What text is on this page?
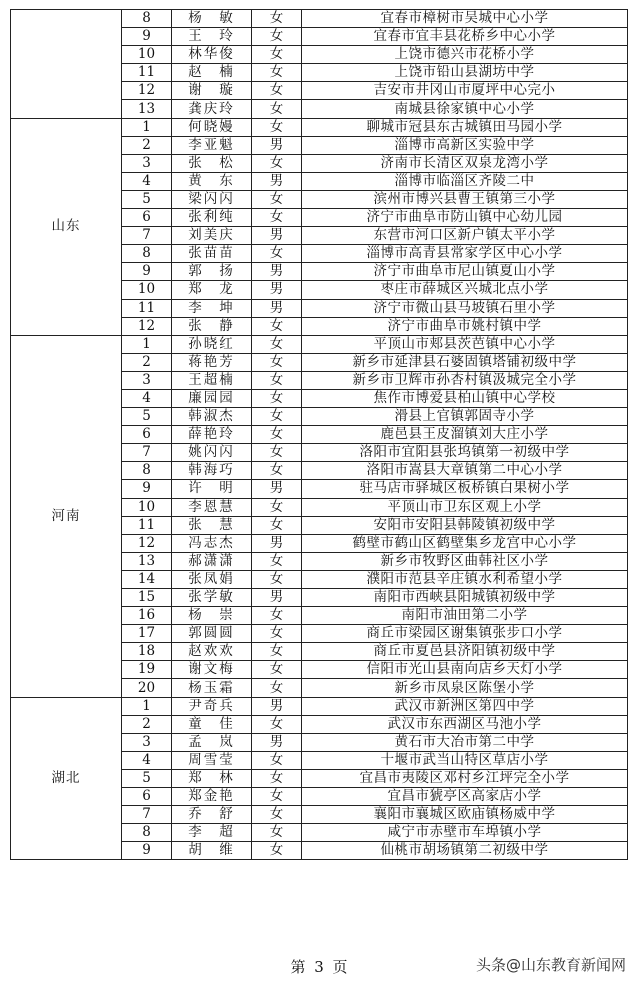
	8	杨　敏	女	宜春市樟树市吴城中心小学
	9	王　玲	女	宜春市宜丰县花桥乡中心小学
	10	林华俊	女	上饶市德兴市花桥小学
	11	赵　楠	女	上饶市铅山县湖坊中学
	12	谢　璇	女	吉安市井冈山市厦坪中心完小
	13	龚庆玲	女	南城县徐家镇中心小学
山东	1	何晓嫚	女	聊城市冠县东古城镇田马园小学
	2	李亚魁	男	淄博市高新区实验中学
	3	张　松	女	济南市长清区双泉龙湾小学
	4	黄　东	男	淄博市临淄区齐陵二中
	5	梁闪闪	女	滨州市博兴县曹王镇第三小学
	6	张利纯	女	济宁市曲阜市防山镇中心幼儿园
	7	刘美庆	男	东营市河口区新户镇太平小学
	8	张苗苗	女	淄博市高青县常家学区中心小学
	9	郭　扬	男	济宁市曲阜市尼山镇夏山小学
	10	郑　龙	男	枣庄市薛城区兴城北点小学
	11	李　坤	男	济宁市微山县马坡镇石里小学
	12	张　静	女	济宁市曲阜市姚村镇中学
河南	1	孙晓红	女	平顶山市郏县茨芭镇中心小学
	2	蒋艳芳	女	新乡市延津县石婆固镇塔铺初级中学
	3	王超楠	女	新乡市卫辉市孙杏村镇汲城完全小学
	4	廉园园	女	焦作市博爱县柏山镇中心学校
	5	韩淑杰	女	滑县上官镇郭固寺小学
	6	薛艳玲	女	鹿邑县王皮溜镇刘大庄小学
	7	姚闪闪	女	洛阳市宜阳县张坞镇第一初级中学
	8	韩海巧	女	洛阳市嵩县大章镇第二中心小学
	9	许　明	男	驻马店市驿城区板桥镇白果树小学
	10	李恩慧	女	平顶山市卫东区观上小学
	11	张　慧	女	安阳市安阳县韩陵镇初级中学
	12	冯志杰	男	鹤壁市鹤山区鹤壁集乡龙宫中心小学
	13	郝潇潇	女	新乡市牧野区曲韩社区小学
	14	张凤娟	女	濮阳市范县辛庄镇水利希望小学
	15	张学敏	男	南阳市西峡县阳城镇初级中学
	16	杨　崇	女	南阳市油田第二小学
	17	郭圆圆	女	商丘市梁园区谢集镇张步口小学
	18	赵欢欢	女	商丘市夏邑县济阳镇初级中学
	19	谢文梅	女	信阳市光山县南向店乡天灯小学
	20	杨玉霜	女	新乡市凤泉区陈堡小学
湖北	1	尹奇兵	男	武汉市新洲区第四中学
	2	童　佳	女	武汉市东西湖区马池小学
	3	孟　岚	男	黄石市大冶市第二中学
	4	周雪莹	女	十堰市武当山特区草店小学
	5	郑　林	女	宜昌市夷陵区邓村乡江坪完全小学
	6	郑金艳	女	宜昌市猇亭区高家店小学
	7	乔　舒	女	襄阳市襄城区欧庙镇杨威中学
	8	李　超	女	咸宁市赤壁市车埠镇小学
	9	胡　维	女	仙桃市胡场镇第二初级中学
第 3 页	头条@山东教育新闻网
